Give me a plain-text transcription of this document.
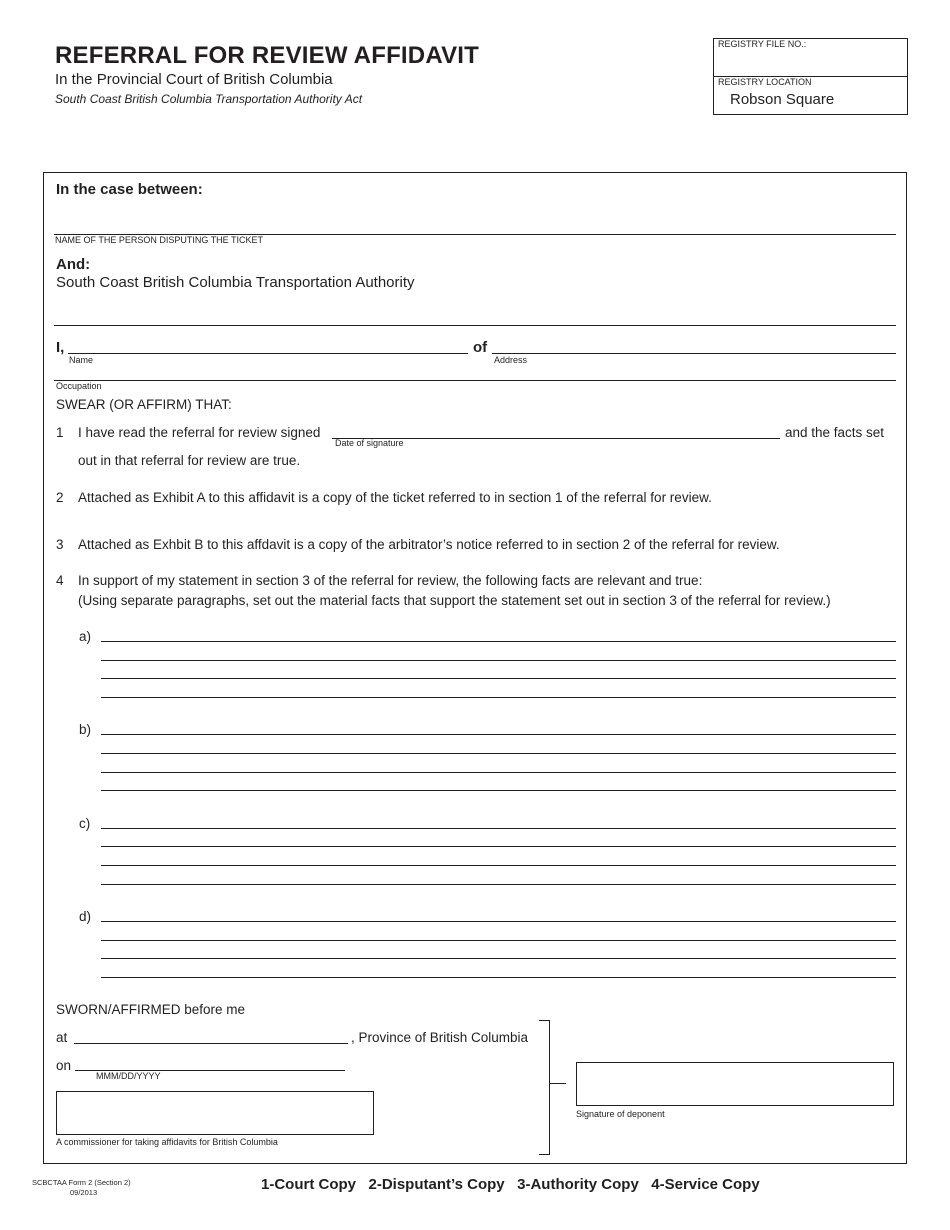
REFERRAL FOR REVIEW AFFIDAVIT
In the Provincial Court of British Columbia
South Coast British Columbia Transportation Authority Act
REGISTRY FILE NO.:
REGISTRY LOCATION
Robson Square
In the case between:
NAME OF THE PERSON DISPUTING THE TICKET
And:
South Coast British Columbia Transportation Authority
I,
Name
of
Address
Occupation
SWEAR (OR AFFIRM) THAT:
1 I have read the referral for review signed
Date of signature
and the facts set
out in that referral for review are true.
2 Attached as Exhibit A to this affidavit is a copy of the ticket referred to in section 1 of the referral for review.
3 Attached as Exhbit B to this affdavit is a copy of the arbitrator’s notice referred to in section 2 of the referral for review.
4 In support of my statement in section 3 of the referral for review, the following facts are relevant and true:
(Using separate paragraphs, set out the material facts that support the statement set out in section 3 of the referral for review.)
a)
b)
c)
d)
SWORN/AFFIRMED before me
at	, Province of British Columbia
on
MMM/DD/YYYY
A commissioner for taking affidavits for British Columbia
Signature of deponent
SCBCTAA Form 2 (Section 2)
09/2013	1-Court Copy   2-Disputant’s Copy   3-Authority Copy   4-Service Copy
